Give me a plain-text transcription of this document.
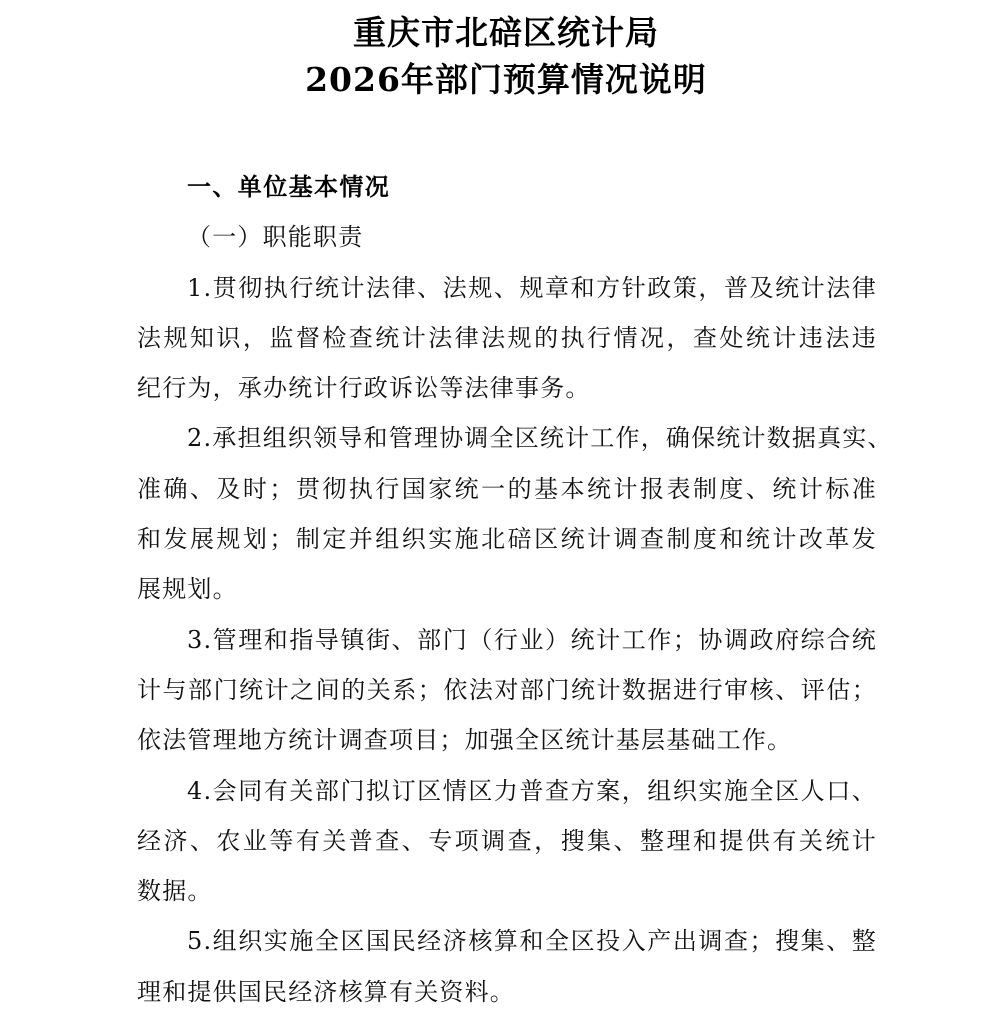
重庆市北碚区统计局
2026年部门预算情况说明
一、单位基本情况
（一）职能职责
1.贯彻执行统计法律、法规、规章和方针政策，普及统计法律
法规知识，监督检查统计法律法规的执行情况，查处统计违法违
纪行为，承办统计行政诉讼等法律事务。
2.承担组织领导和管理协调全区统计工作，确保统计数据真实、
准确、及时；贯彻执行国家统一的基本统计报表制度、统计标准
和发展规划；制定并组织实施北碚区统计调查制度和统计改革发
展规划。
3.管理和指导镇街、部门（行业）统计工作；协调政府综合统
计与部门统计之间的关系；依法对部门统计数据进行审核、评估；
依法管理地方统计调查项目；加强全区统计基层基础工作。
4.会同有关部门拟订区情区力普查方案，组织实施全区人口、
经济、农业等有关普查、专项调查，搜集、整理和提供有关统计
数据。
5.组织实施全区国民经济核算和全区投入产出调查；搜集、整
理和提供国民经济核算有关资料。
